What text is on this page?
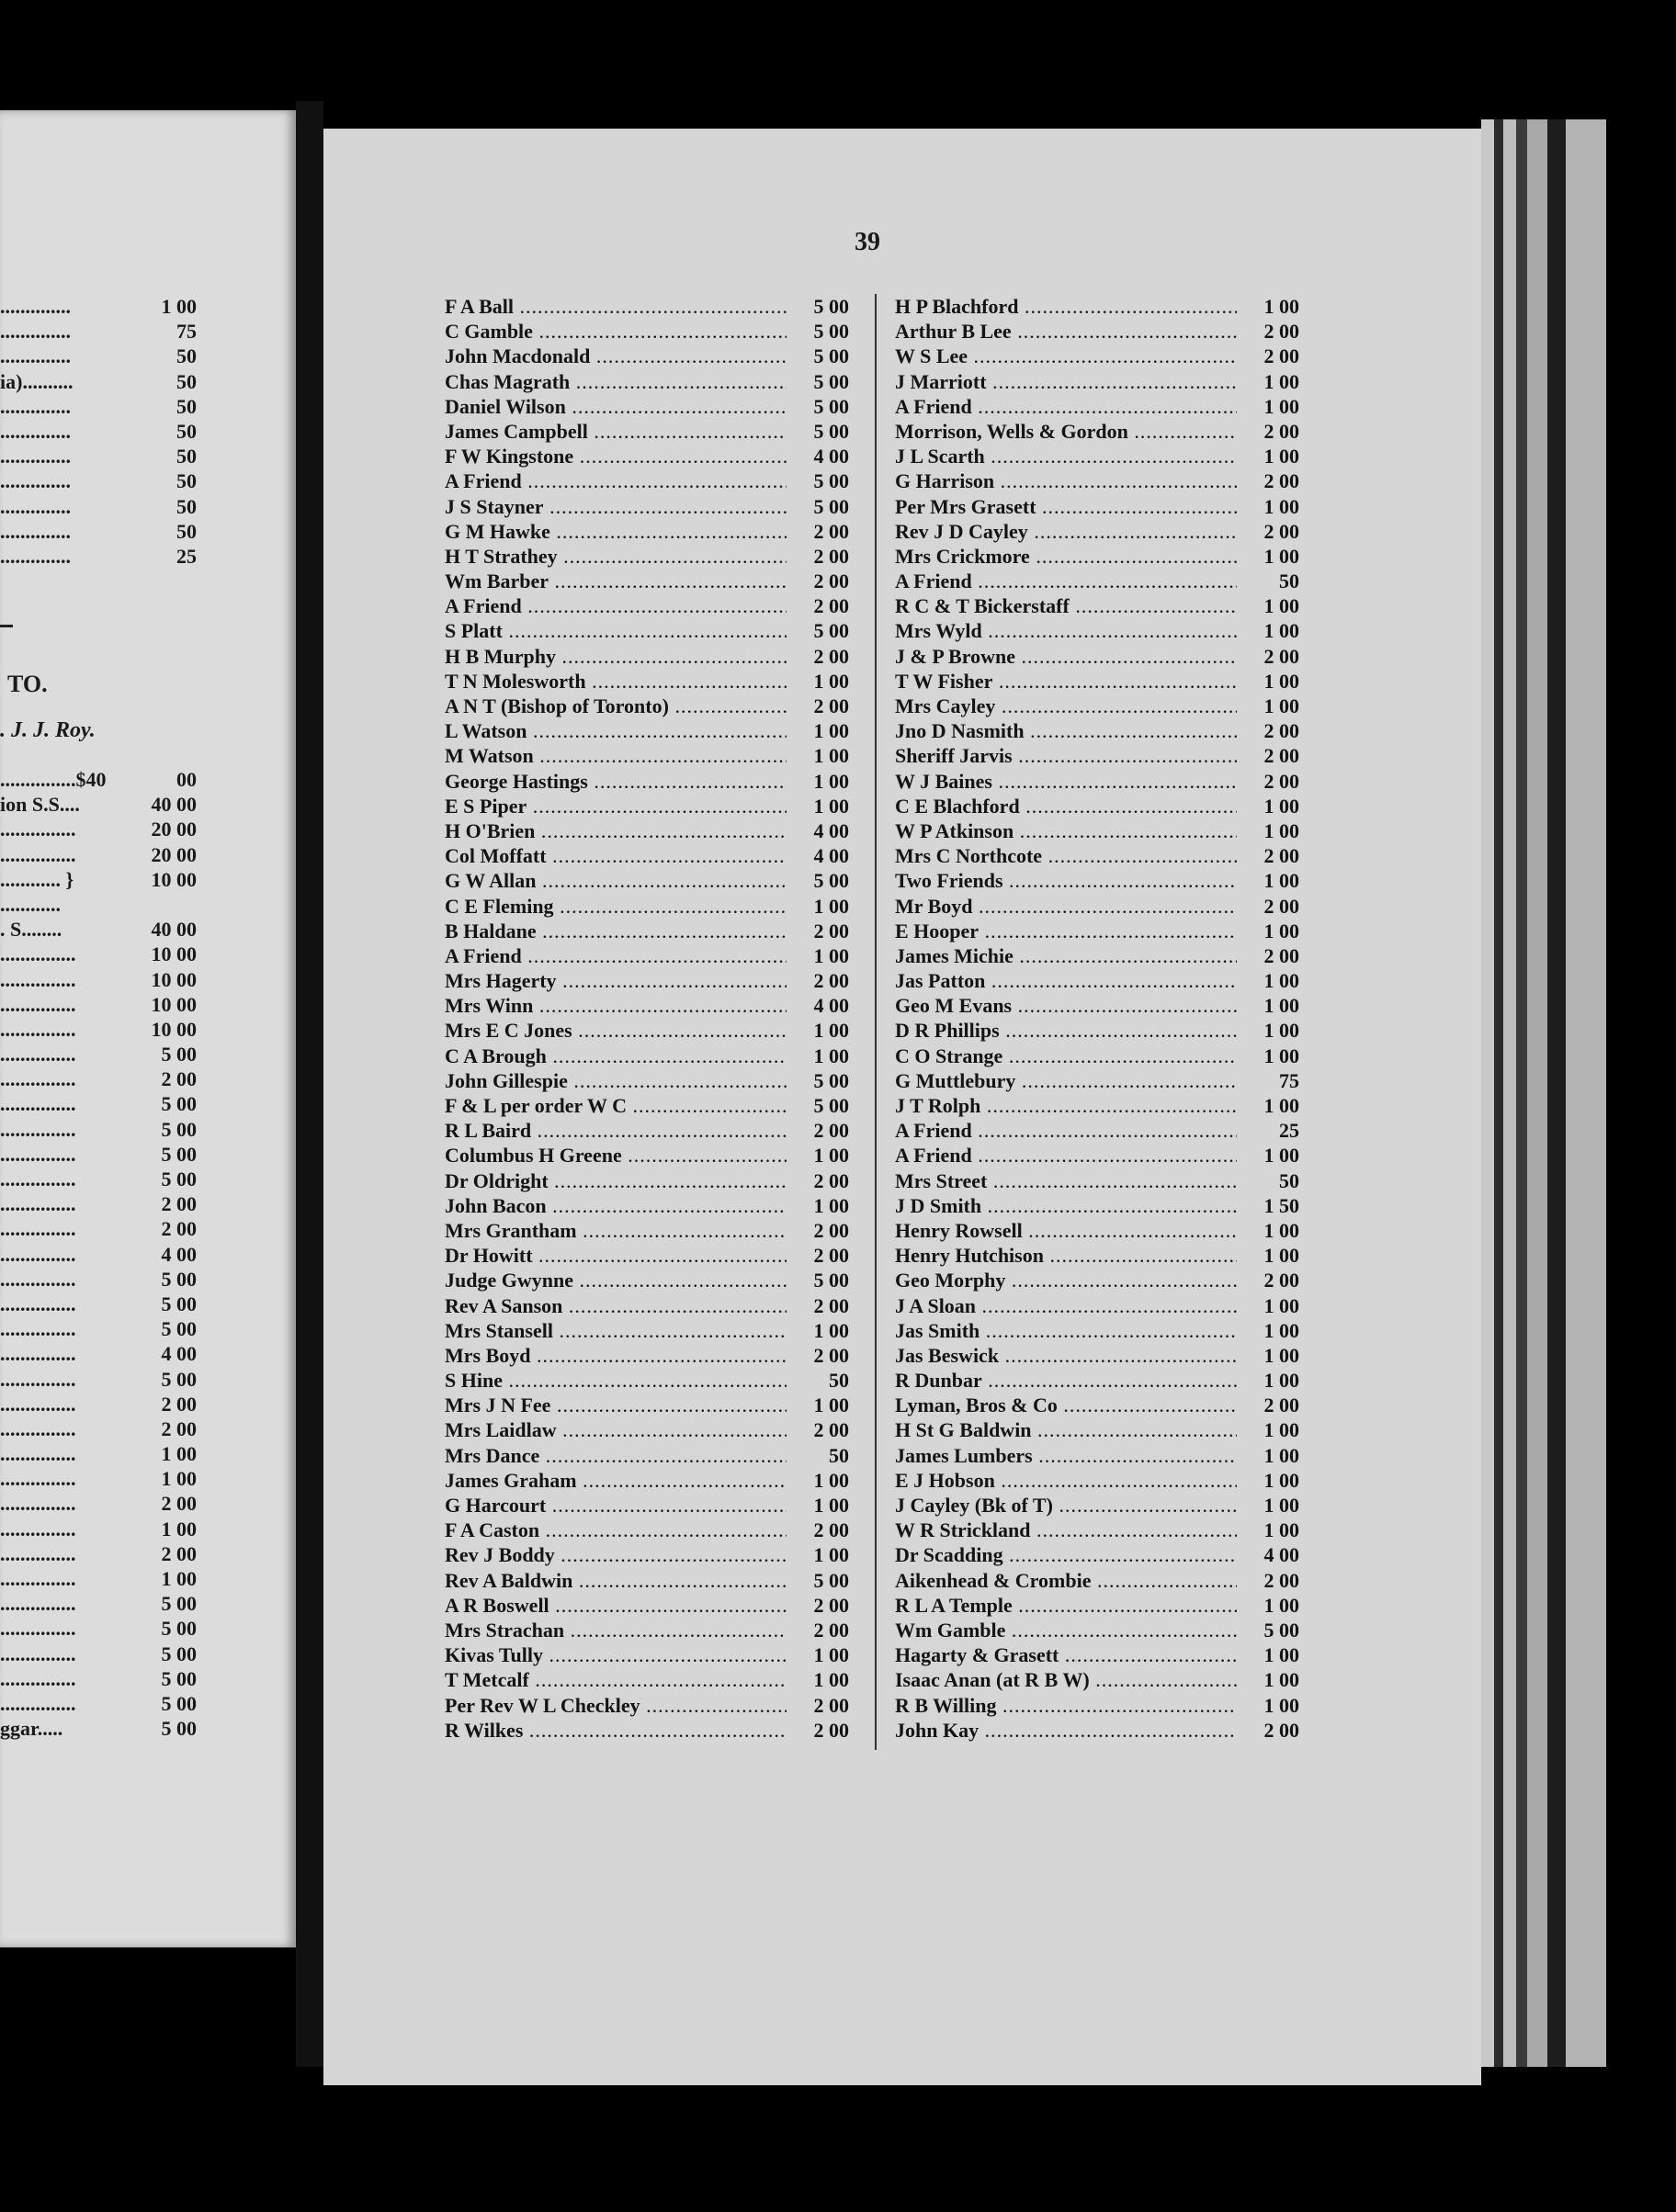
..............	1 00
..............	75
..............	50
ia)..........	50
..............	50
..............	50
..............	50
..............	50
..............	50
..............	50
..............	25
TO.
. J. J. Roy.
...............$40	00
ion S.S....	40 00
...............	20 00
...............	20 00
............ }	10 00
............
. S........	40 00
...............	10 00
...............	10 00
...............	10 00
...............	10 00
...............	5 00
...............	2 00
...............	5 00
...............	5 00
...............	5 00
...............	5 00
...............	2 00
...............	2 00
...............	4 00
...............	5 00
...............	5 00
...............	5 00
...............	4 00
...............	5 00
...............	2 00
...............	2 00
...............	1 00
...............	1 00
...............	2 00
...............	1 00
...............	2 00
...............	1 00
...............	5 00
...............	5 00
...............	5 00
...............	5 00
...............	5 00
ggar.....	5 00
39
F A Ball .....	5 00
C Gamble .....	5 00
John Macdonald .....	5 00
Chas Magrath .....	5 00
Daniel Wilson .....	5 00
James Campbell .....	5 00
F W Kingstone .....	4 00
A Friend .....	5 00
J S Stayner .....	5 00
G M Hawke .....	2 00
H T Strathey .....	2 00
Wm Barber .....	2 00
A Friend .....	2 00
S Platt .....	5 00
H B Murphy .....	2 00
T N Molesworth .....	1 00
A N T (Bishop of Toronto) .....	2 00
L Watson .....	1 00
M Watson .....	1 00
George Hastings .....	1 00
E S Piper .....	1 00
H O'Brien .....	4 00
Col Moffatt .....	4 00
G W Allan .....	5 00
C E Fleming .....	1 00
B Haldane .....	2 00
A Friend .....	1 00
Mrs Hagerty .....	2 00
Mrs Winn .....	4 00
Mrs E C Jones .....	1 00
C A Brough .....	1 00
John Gillespie .....	5 00
F & L per order W C .....	5 00
R L Baird .....	2 00
Columbus H Greene .....	1 00
Dr Oldright .....	2 00
John Bacon .....	1 00
Mrs Grantham .....	2 00
Dr Howitt .....	2 00
Judge Gwynne .....	5 00
Rev A Sanson .....	2 00
Mrs Stansell .....	1 00
Mrs Boyd .....	2 00
S Hine .....	50
Mrs J N Fee .....	1 00
Mrs Laidlaw .....	2 00
Mrs Dance .....	50
James Graham .....	1 00
G Harcourt .....	1 00
F A Caston .....	2 00
Rev J Boddy .....	1 00
Rev A Baldwin .....	5 00
A R Boswell .....	2 00
Mrs Strachan .....	2 00
Kivas Tully .....	1 00
T Metcalf .....	1 00
Per Rev W L Checkley .....	2 00
R Wilkes .....	2 00
H P Blachford .....	1 00
Arthur B Lee .....	2 00
W S Lee .....	2 00
J Marriott .....	1 00
A Friend .....	1 00
Morrison, Wells & Gordon .....	2 00
J L Scarth .....	1 00
G Harrison .....	2 00
Per Mrs Grasett .....	1 00
Rev J D Cayley .....	2 00
Mrs Crickmore .....	1 00
A Friend .....	50
R C & T Bickerstaff .....	1 00
Mrs Wyld .....	1 00
J & P Browne .....	2 00
T W Fisher .....	1 00
Mrs Cayley .....	1 00
Jno D Nasmith .....	2 00
Sheriff Jarvis .....	2 00
W J Baines .....	2 00
C E Blachford .....	1 00
W P Atkinson .....	1 00
Mrs C Northcote .....	2 00
Two Friends .....	1 00
Mr Boyd .....	2 00
E Hooper .....	1 00
James Michie .....	2 00
Jas Patton .....	1 00
Geo M Evans .....	1 00
D R Phillips .....	1 00
C O Strange .....	1 00
G Muttlebury .....	75
J T Rolph .....	1 00
A Friend .....	25
A Friend .....	1 00
Mrs Street .....	50
J D Smith .....	1 50
Henry Rowsell .....	1 00
Henry Hutchison .....	1 00
Geo Morphy .....	2 00
J A Sloan .....	1 00
Jas Smith .....	1 00
Jas Beswick .....	1 00
R Dunbar .....	1 00
Lyman, Bros & Co .....	2 00
H St G Baldwin .....	1 00
James Lumbers .....	1 00
E J Hobson .....	1 00
J Cayley (Bk of T) .....	1 00
W R Strickland .....	1 00
Dr Scadding .....	4 00
Aikenhead & Crombie .....	2 00
R L A Temple .....	1 00
Wm Gamble .....	5 00
Hagarty & Grasett .....	1 00
Isaac Anan (at R B W) .....	1 00
R B Willing .....	1 00
John Kay .....	2 00
